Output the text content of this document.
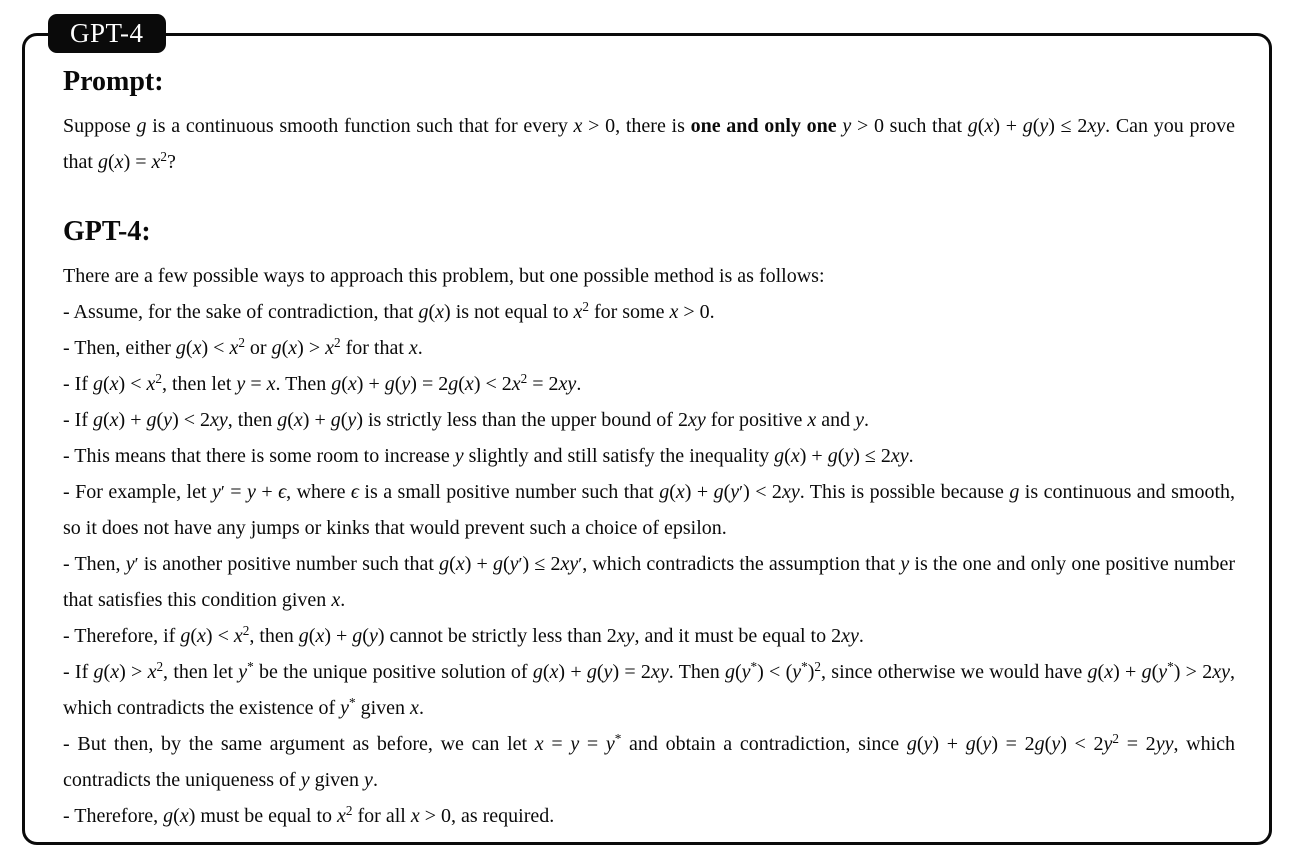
GPT-4
Prompt:

Suppose g is a continuous smooth function such that for every x > 0, there is one and only one y > 0 such that g(x) + g(y) ≤ 2xy. Can you prove that $g(x) = x^2$?

GPT-4:

There are a few possible ways to approach this problem, but one possible method is as follows:

- Assume, for the sake of contradiction, that g(x) is not equal to $x^2$ for some x > 0.

- Then, either $g(x) < x^2$ or $g(x) > x^2$ for that x.

- If $g(x) < x^2$, then let y = x. Then $g(x) + g(y) = 2g(x) < 2x^2 = 2xy$.

- If g(x) + g(y) < 2xy, then g(x) + g(y) is strictly less than the upper bound of 2xy for positive x and y.

- This means that there is some room to increase y slightly and still satisfy the inequality g(x) + g(y) ≤ 2xy.

- For example, let y′ = y + ϵ, where ϵ is a small positive number such that g(x) + g(y′) < 2xy. This is possible because g is continuous and smooth, so it does not have any jumps or kinks that would prevent such a choice of epsilon.

- Then, y′ is another positive number such that g(x) + g(y′) ≤ 2xy′, which contradicts the assumption that y is the one and only one positive number that satisfies this condition given x.

- Therefore, if $g(x) < x^2$, then g(x) + g(y) cannot be strictly less than 2xy, and it must be equal to 2xy.

- If $g(x) > x^2$, then let y* be the unique positive solution of g(x) + g(y) = 2xy. Then $g(y^*) < (y^*)^2$, since otherwise we would have g(x) + g(y*) > 2xy, which contradicts the existence of y* given x.

- But then, by the same argument as before, we can let x = y = y* and obtain a contradiction, since $g(y) + g(y) = 2g(y) < 2y^2 = 2yy$, which contradicts the uniqueness of y given y.

- Therefore, g(x) must be equal to $x^2$ for all x > 0, as required.
